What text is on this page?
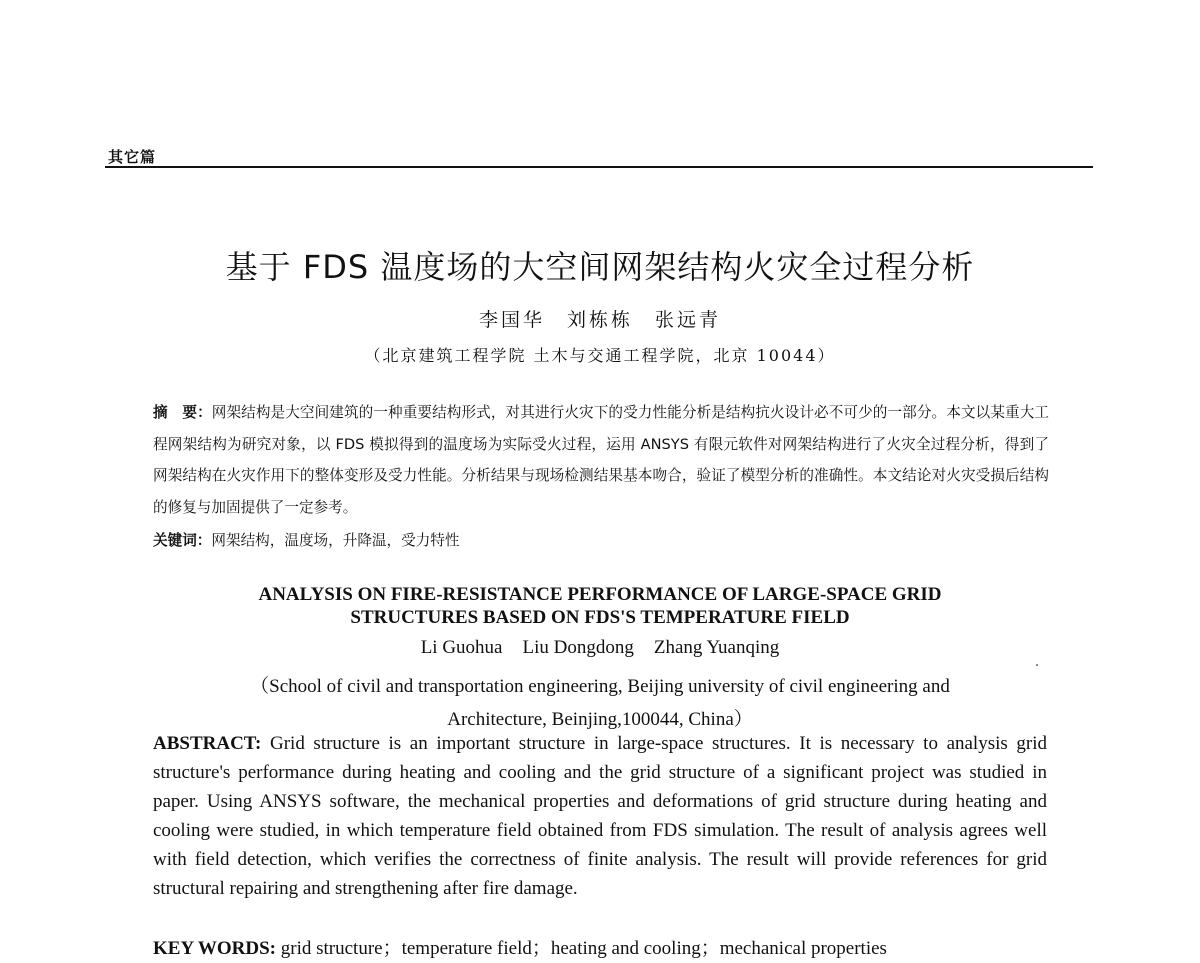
其它篇
基于 FDS 温度场的大空间网架结构火灾全过程分析
李国华　刘栋栋　张远青
（北京建筑工程学院 土木与交通工程学院，北京 10044）
摘　要：网架结构是大空间建筑的一种重要结构形式，对其进行火灾下的受力性能分析是结构抗火设计必不可少的一部分。本文以某重大工程网架结构为研究对象，以 FDS 模拟得到的温度场为实际受火过程，运用 ANSYS 有限元软件对网架结构进行了火灾全过程分析，得到了网架结构在火灾作用下的整体变形及受力性能。分析结果与现场检测结果基本吻合，验证了模型分析的准确性。本文结论对火灾受损后结构的修复与加固提供了一定参考。
关键词：网架结构，温度场，升降温，受力特性
ANALYSIS ON FIRE-RESISTANCE PERFORMANCE OF LARGE-SPACE GRID
STRUCTURES BASED ON FDS'S TEMPERATURE FIELD
Li Guohua Liu Dongdong Zhang Yuanqing
（School of civil and transportation engineering, Beijing university of civil engineering and
Architecture, Beinjing,100044, China）
ABSTRACT: Grid structure is an important structure in large-space structures. It is necessary to analysis grid structure's performance during heating and cooling and the grid structure of a significant project was studied in paper. Using ANSYS software, the mechanical properties and deformations of grid structure during heating and cooling were studied, in which temperature field obtained from FDS simulation. The result of analysis agrees well with field detection, which verifies the correctness of finite analysis. The result will provide references for grid structural repairing and strengthening after fire damage.
KEY WORDS: grid structure；temperature field；heating and cooling；mechanical properties
